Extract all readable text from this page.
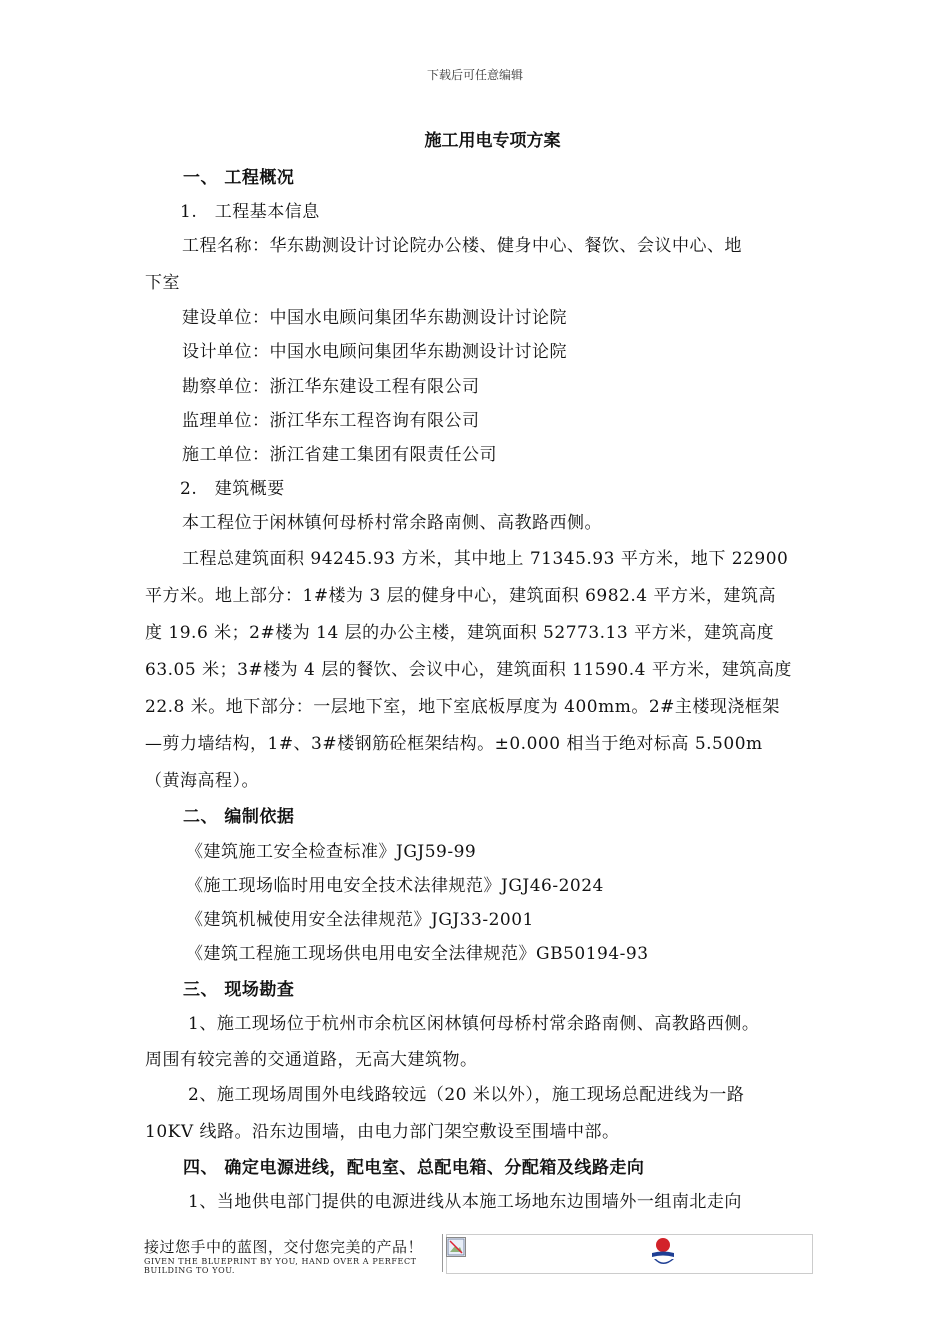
下载后可任意编辑
施工用电专项方案
一、 工程概况
1.　工程基本信息
工程名称：华东勘测设计讨论院办公楼、健身中心、餐饮、会议中心、地
下室
建设单位：中国水电顾问集团华东勘测设计讨论院
设计单位：中国水电顾问集团华东勘测设计讨论院
勘察单位：浙江华东建设工程有限公司
监理单位：浙江华东工程咨询有限公司
施工单位：浙江省建工集团有限责任公司
2.　建筑概要
本工程位于闲林镇何母桥村常余路南侧、高教路西侧。
工程总建筑面积 94245.93 方米，其中地上 71345.93 平方米，地下 22900
平方米。地上部分：1#楼为 3 层的健身中心，建筑面积 6982.4 平方米，建筑高
度 19.6 米；2#楼为 14 层的办公主楼，建筑面积 52773.13 平方米，建筑高度
63.05 米；3#楼为 4 层的餐饮、会议中心，建筑面积 11590.4 平方米，建筑高度
22.8 米。地下部分：一层地下室，地下室底板厚度为 400mm。2#主楼现浇框架
—剪力墙结构，1#、3#楼钢筋砼框架结构。±0.000 相当于绝对标高 5.500m
（黄海高程）。
二、 编制依据
《建筑施工安全检查标准》JGJ59-99
《施工现场临时用电安全技术法律规范》JGJ46-2024
《建筑机械使用安全法律规范》JGJ33-2001
《建筑工程施工现场供电用电安全法律规范》GB50194-93
三、 现场勘查
1、施工现场位于杭州市余杭区闲林镇何母桥村常余路南侧、高教路西侧。
周围有较完善的交通道路，无高大建筑物。
2、施工现场周围外电线路较远（20 米以外），施工现场总配进线为一路
10KV 线路。沿东边围墙，由电力部门架空敷设至围墙中部。
四、 确定电源进线，配电室、总配电箱、分配箱及线路走向
1、当地供电部门提供的电源进线从本施工场地东边围墙外一组南北走向
接过您手中的蓝图，交付您完美的产品！
GIVEN THE BLUEPRINT BY YOU, HAND OVER A PERFECT BUILDING TO YOU.
